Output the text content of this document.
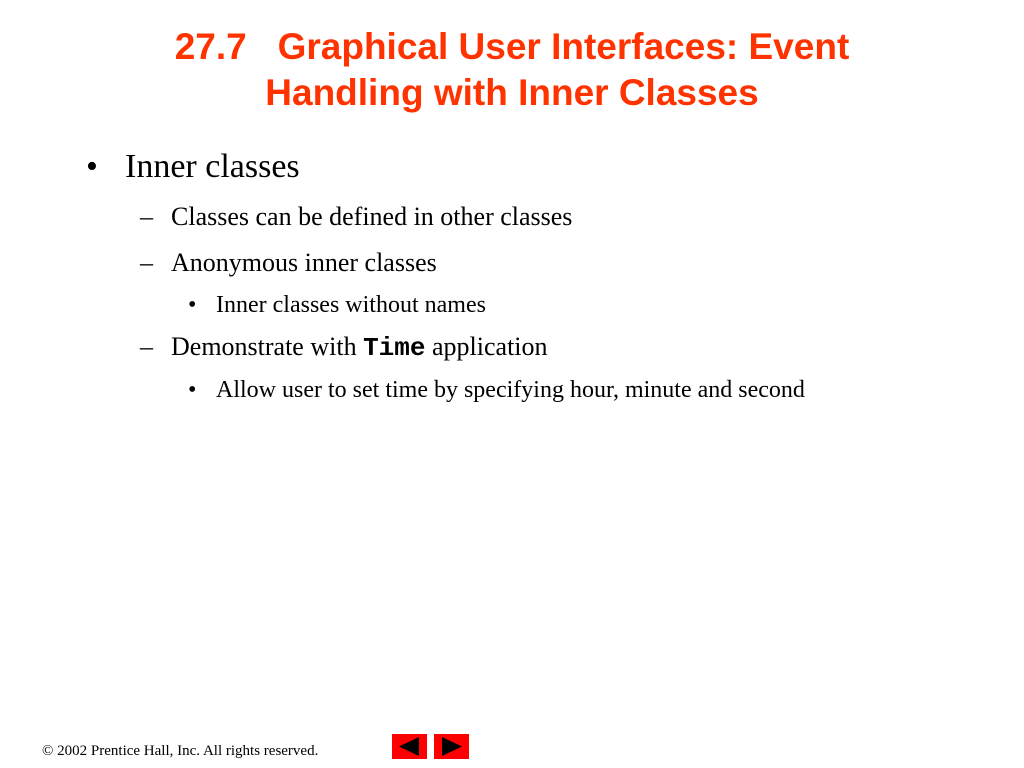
27.7   Graphical User Interfaces: Event
Handling with Inner Classes
• Inner classes
– Classes can be defined in other classes
– Anonymous inner classes
• Inner classes without names
– Demonstrate with Time application
• Allow user to set time by specifying hour, minute and second
© 2002 Prentice Hall, Inc. All rights reserved.
